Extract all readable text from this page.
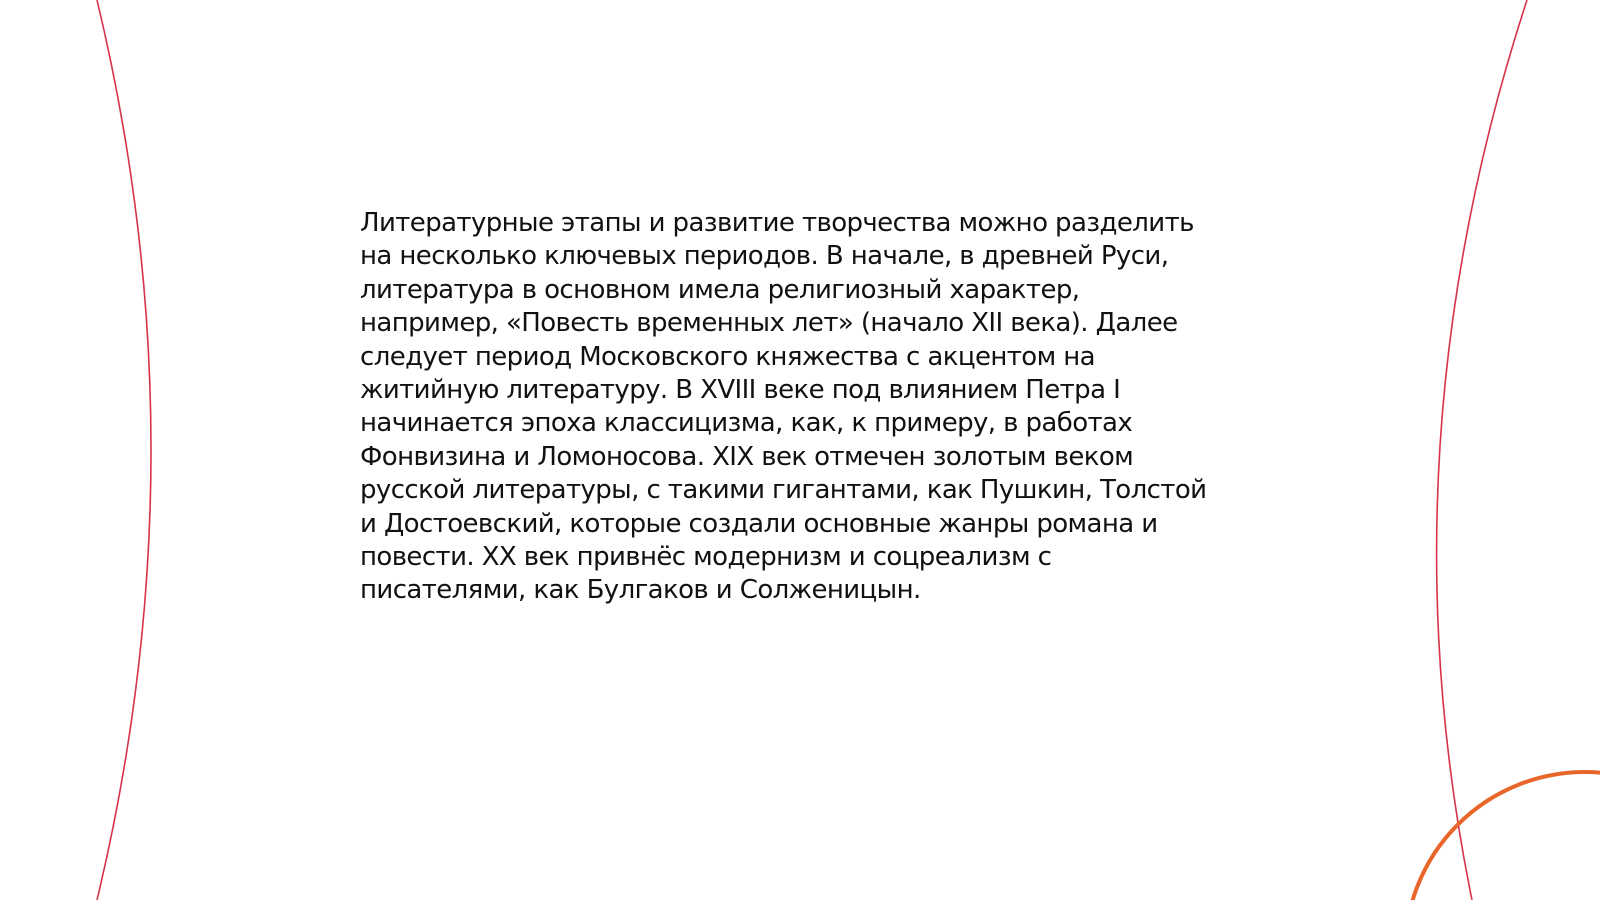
Литературные этапы и развитие творчества можно разделить
на несколько ключевых периодов. В начале, в древней Руси,
литература в основном имела религиозный характер,
например, «Повесть временных лет» (начало XII века). Далее
следует период Московского княжества с акцентом на
житийную литературу. В XVIII веке под влиянием Петра I
начинается эпоха классицизма, как, к примеру, в работах
Фонвизина и Ломоносова. XIX век отмечен золотым веком
русской литературы, с такими гигантами, как Пушкин, Толстой
и Достоевский, которые создали основные жанры романа и
повести. XX век привнёс модернизм и соцреализм с
писателями, как Булгаков и Солженицын.
